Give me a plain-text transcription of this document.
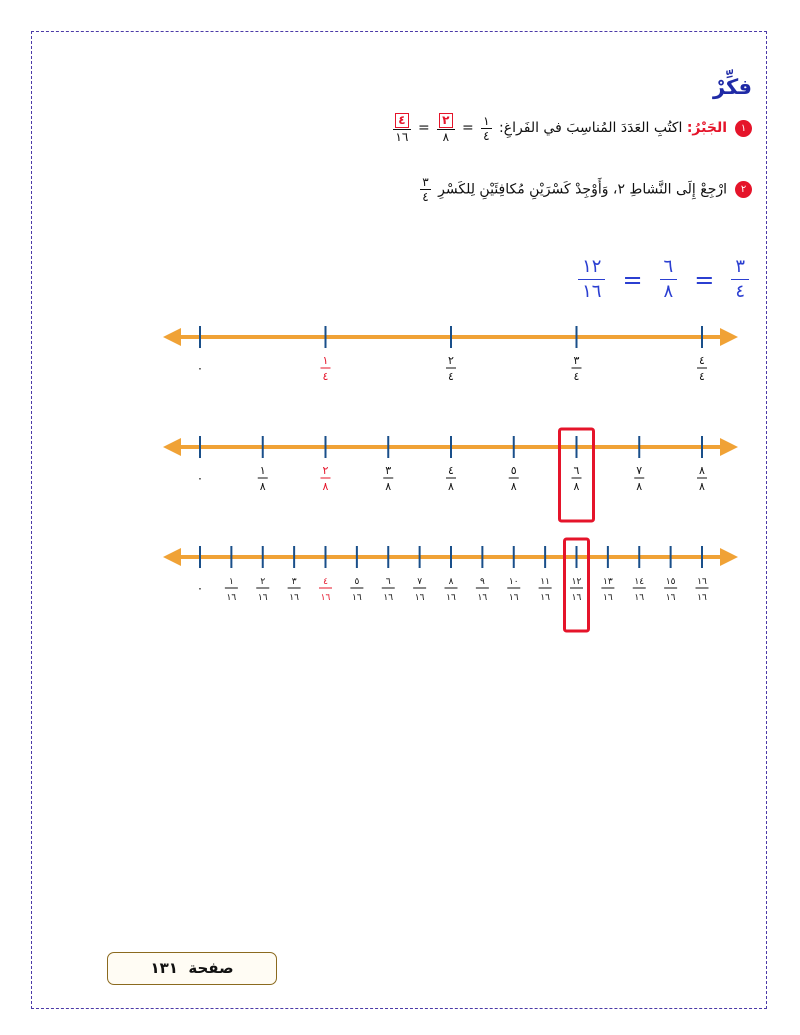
فكِّرْ
١الجَبْرُ: اكتُبِ العَدَدَ المُناسِبَ في الفَراغِ:
$\frac{١}{٤}$
=
$\frac{٢}{٨}$
=
$\frac{٤}{١٦}$
٢ارْجِعْ إِلَى النَّشاطِ ٢، وَأَوْجِدْ كَسْرَيْنِ مُكافِئَيْنِ لِلكَسْرِ
$\frac{٣}{٤}$
$\frac{٣}{٤}$
=
$\frac{٦}{٨}$
=
$\frac{١٢}{١٦}$
٠
١
٤
٢
٤
٣
٤
٤
٤
٠
١
٨
٢
٨
٣
٨
٤
٨
٥
٨
٦
٨
٧
٨
٨
٨
٠	١
١٦
٢
١٦
٣
١٦
٤
١٦
٥
١٦
٦
١٦
٧
١٦
٨
١٦
٩
١٦
١٠
١٦
١١
١٦
١٢
١٦
١٣
١٦
١٤
١٦
١٥
١٦
١٦
١٦
صفحة  ١٣١
